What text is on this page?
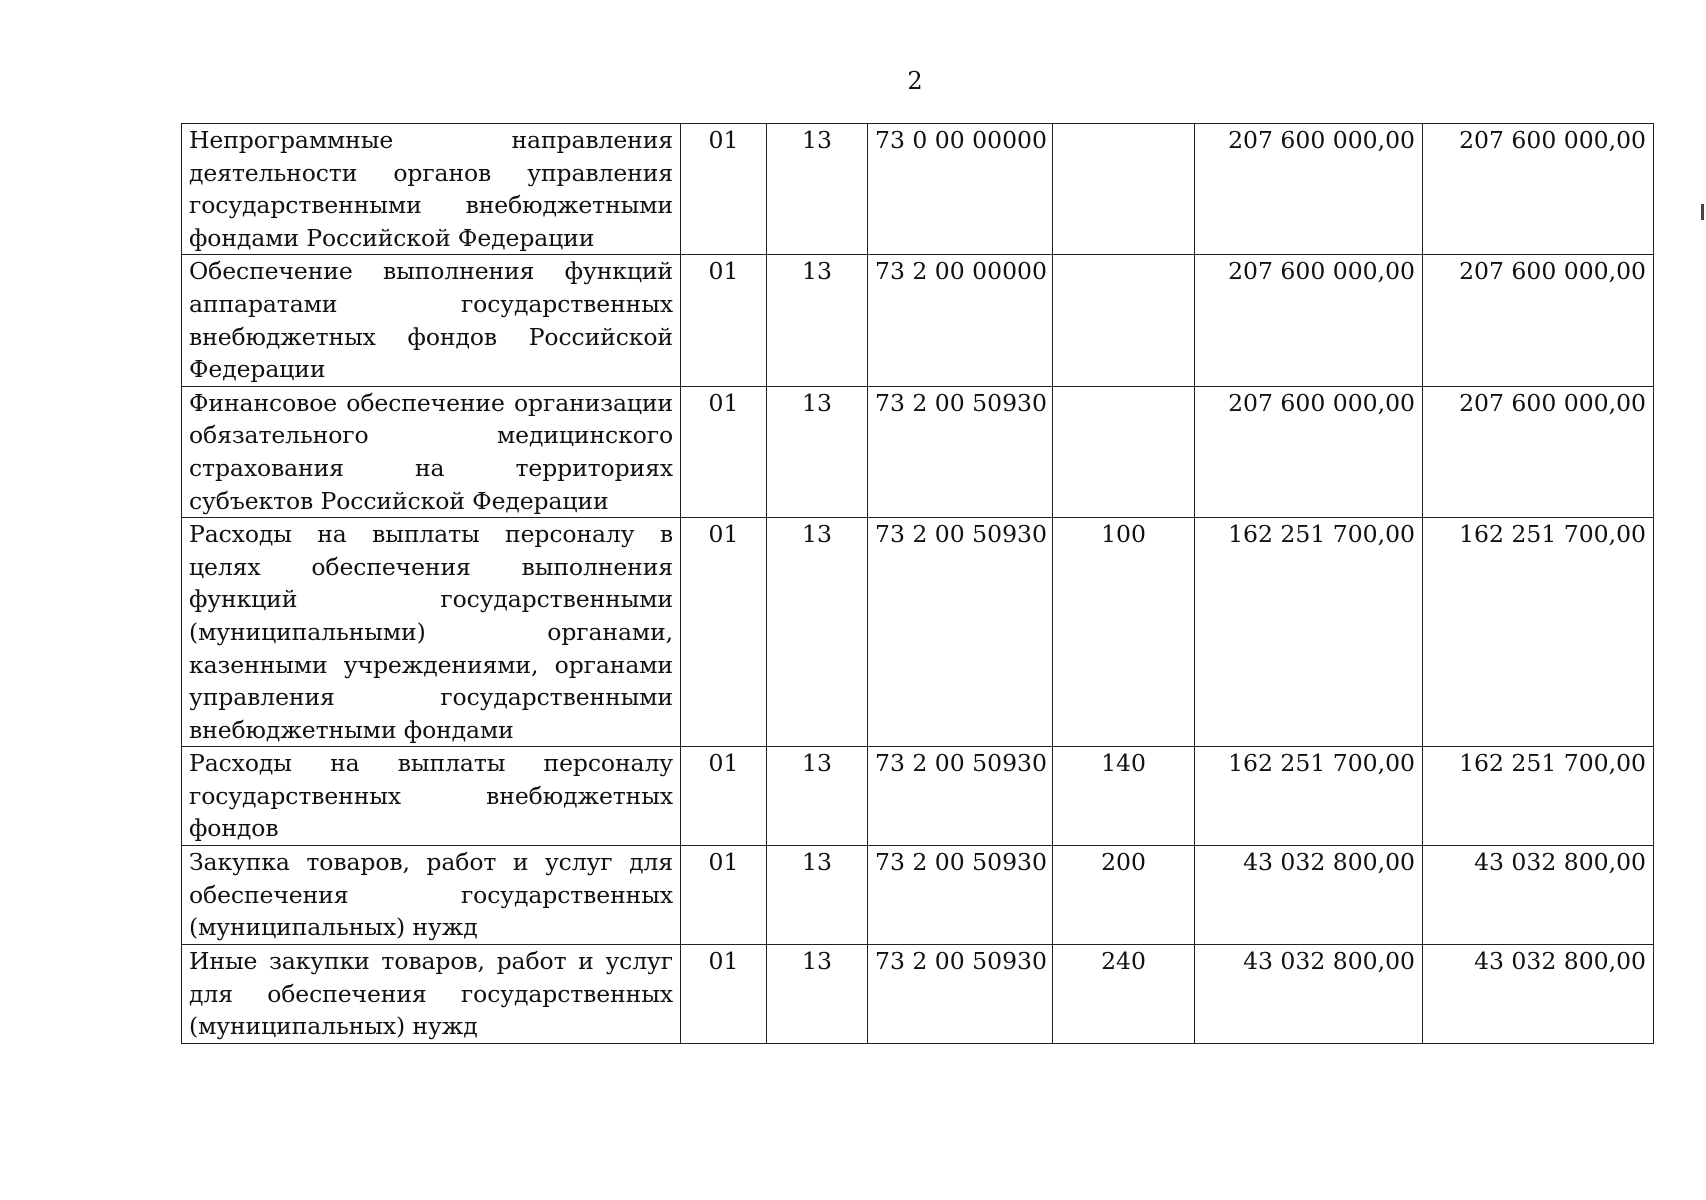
2
Непрограммные направления деятельности органов управления государственными внебюджетными фондами Российской Федерации	01	13	73 0 00 00000		207 600 000,00	207 600 000,00
Обеспечение выполнения функций аппаратами государственных внебюджетных фондов Российской Федерации	01	13	73 2 00 00000		207 600 000,00	207 600 000,00
Финансовое обеспечение организации обязательного медицинского страхования на территориях субъектов Российской Федерации	01	13	73 2 00 50930		207 600 000,00	207 600 000,00
Расходы на выплаты персоналу в целях обеспечения выполнения функций государственными (муниципальными) органами, казенными учреждениями, органами управления государственными внебюджетными фондами	01	13	73 2 00 50930	100	162 251 700,00	162 251 700,00
Расходы на выплаты персоналу государственных внебюджетных фондов	01	13	73 2 00 50930	140	162 251 700,00	162 251 700,00
Закупка товаров, работ и услуг для обеспечения государственных (муниципальных) нужд	01	13	73 2 00 50930	200	43 032 800,00	43 032 800,00
Иные закупки товаров, работ и услуг для обеспечения государственных (муниципальных) нужд	01	13	73 2 00 50930	240	43 032 800,00	43 032 800,00
